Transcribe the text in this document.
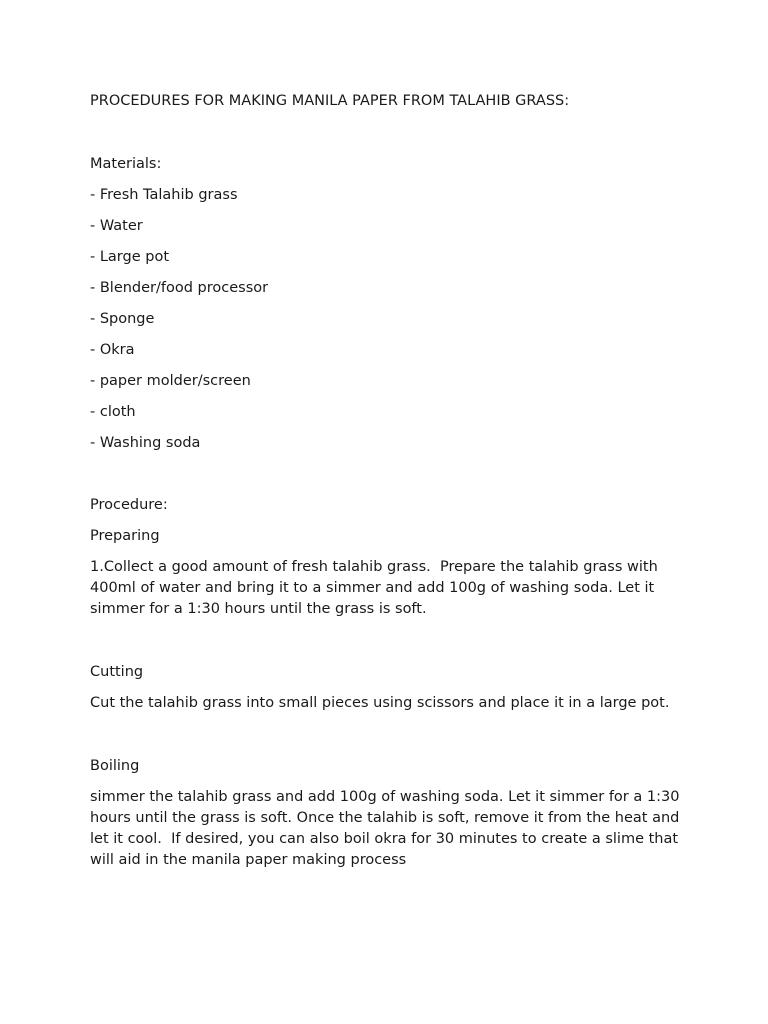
PROCEDURES FOR MAKING MANILA PAPER FROM TALAHIB GRASS:

Materials:

- Fresh Talahib grass
- Water
- Large pot
- Blender/food processor
- Sponge
- Okra
- paper molder/screen
- cloth
- Washing soda

Procedure:

Preparing

1.Collect a good amount of fresh talahib grass.  Prepare the talahib grass with 400ml of water and bring it to a simmer and add 100g of washing soda. Let it simmer for a 1:30 hours until the grass is soft.

Cutting

Cut the talahib grass into small pieces using scissors and place it in a large pot.

Boiling

simmer the talahib grass and add 100g of washing soda. Let it simmer for a 1:30 hours until the grass is soft. Once the talahib is soft, remove it from the heat and let it cool.  If desired, you can also boil okra for 30 minutes to create a slime that will aid in the manila paper making process
